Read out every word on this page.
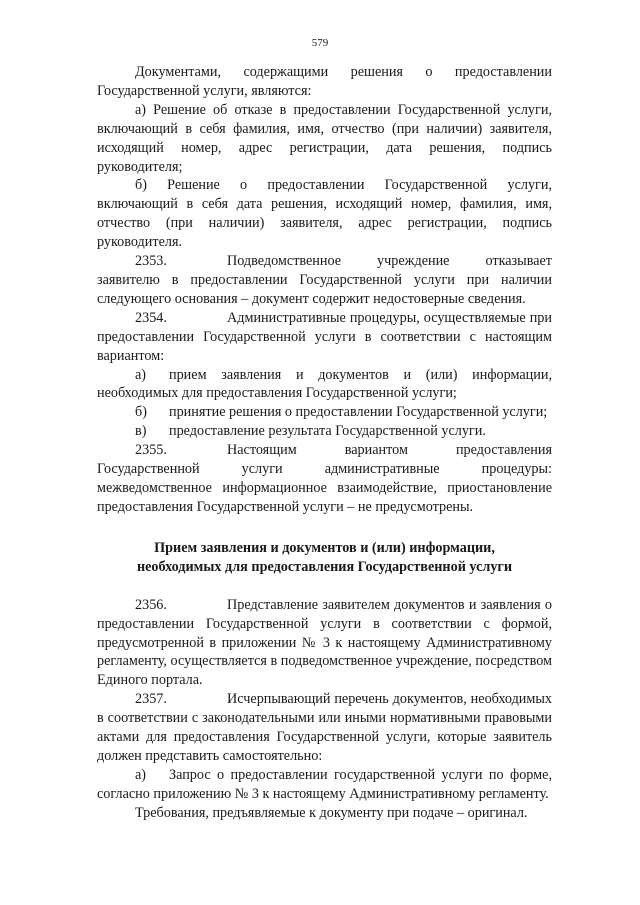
579

Документами, содержащими решения о предоставлении Государственной услуги, являются:

а) Решение об отказе в предоставлении Государственной услуги, включающий в себя фамилия, имя, отчество (при наличии) заявителя, исходящий номер, адрес регистрации, дата решения, подпись руководителя;

б) Решение о предоставлении Государственной услуги, включающий в себя дата решения, исходящий номер, фамилия, имя, отчество (при наличии) заявителя, адрес регистрации, подпись руководителя.

2353.	Подведомственное учреждение отказывает заявителю в предоставлении Государственной услуги при наличии следующего основания – документ содержит недостоверные сведения.

2354.	Административные процедуры, осуществляемые при предоставлении Государственной услуги в соответствии с настоящим вариантом:

а) прием заявления и документов и (или) информации, необходимых для предоставления Государственной услуги;

б) принятие решения о предоставлении Государственной услуги;

в) предоставление результата Государственной услуги.

2355.	Настоящим вариантом предоставления Государственной услуги административные процедуры: межведомственное информационное взаимодействие, приостановление предоставления Государственной услуги – не предусмотрены.

Прием заявления и документов и (или) информации,
необходимых для предоставления Государственной услуги

2356.	Представление заявителем документов и заявления о предоставлении Государственной услуги в соответствии с формой, предусмотренной в приложении № 3 к настоящему Административному регламенту, осуществляется в подведомственное учреждение, посредством Единого портала.

2357.	Исчерпывающий перечень документов, необходимых в соответствии с законодательными или иными нормативными правовыми актами для предоставления Государственной услуги, которые заявитель должен представить самостоятельно:

а) Запрос о предоставлении государственной услуги по форме, согласно приложению № 3 к настоящему Административному регламенту.

Требования, предъявляемые к документу при подаче – оригинал.
